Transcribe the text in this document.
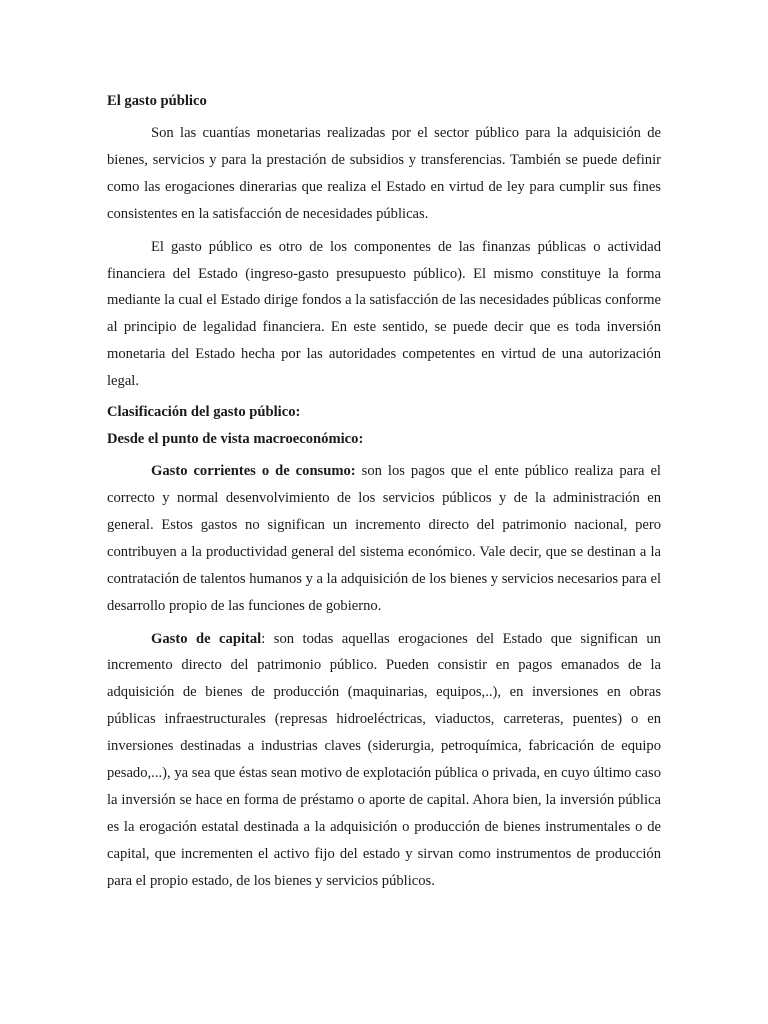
El gasto público

Son las cuantías monetarias realizadas por el sector público para la adquisición de bienes, servicios y para la prestación de subsidios y transferencias. También se puede definir como las erogaciones dinerarias que realiza el Estado en virtud de ley para cumplir sus fines consistentes en la satisfacción de necesidades públicas.

El gasto público es otro de los componentes de las finanzas públicas o actividad financiera del Estado (ingreso-gasto presupuesto público). El mismo constituye la forma mediante la cual el Estado dirige fondos a la satisfacción de las necesidades públicas conforme al principio de legalidad financiera. En este sentido, se puede decir que es toda inversión monetaria del Estado hecha por las autoridades competentes en virtud de una autorización legal.

Clasificación del gasto público:

Desde el punto de vista macroeconómico:

Gasto corrientes o de consumo: son los pagos que el ente público realiza para el correcto y normal desenvolvimiento de los servicios públicos y de la administración en general. Estos gastos no significan un incremento directo del patrimonio nacional, pero contribuyen a la productividad general del sistema económico. Vale decir, que se destinan a la contratación de talentos humanos y a la adquisición de los bienes y servicios necesarios para el desarrollo propio de las funciones de gobierno.

Gasto de capital: son todas aquellas erogaciones del Estado que significan un incremento directo del patrimonio público. Pueden consistir en pagos emanados de la adquisición de bienes de producción (maquinarias, equipos,..), en inversiones en obras públicas infraestructurales (represas hidroeléctricas, viaductos, carreteras, puentes) o en inversiones destinadas a industrias claves (siderurgia, petroquímica, fabricación de equipo pesado,...), ya sea que éstas sean motivo de explotación pública o privada, en cuyo último caso la inversión se hace en forma de préstamo o aporte de capital. Ahora bien, la inversión pública es la erogación estatal destinada a la adquisición o producción de bienes instrumentales o de capital, que incrementen el activo fijo del estado y sirvan como instrumentos de producción para el propio estado, de los bienes y servicios públicos.
